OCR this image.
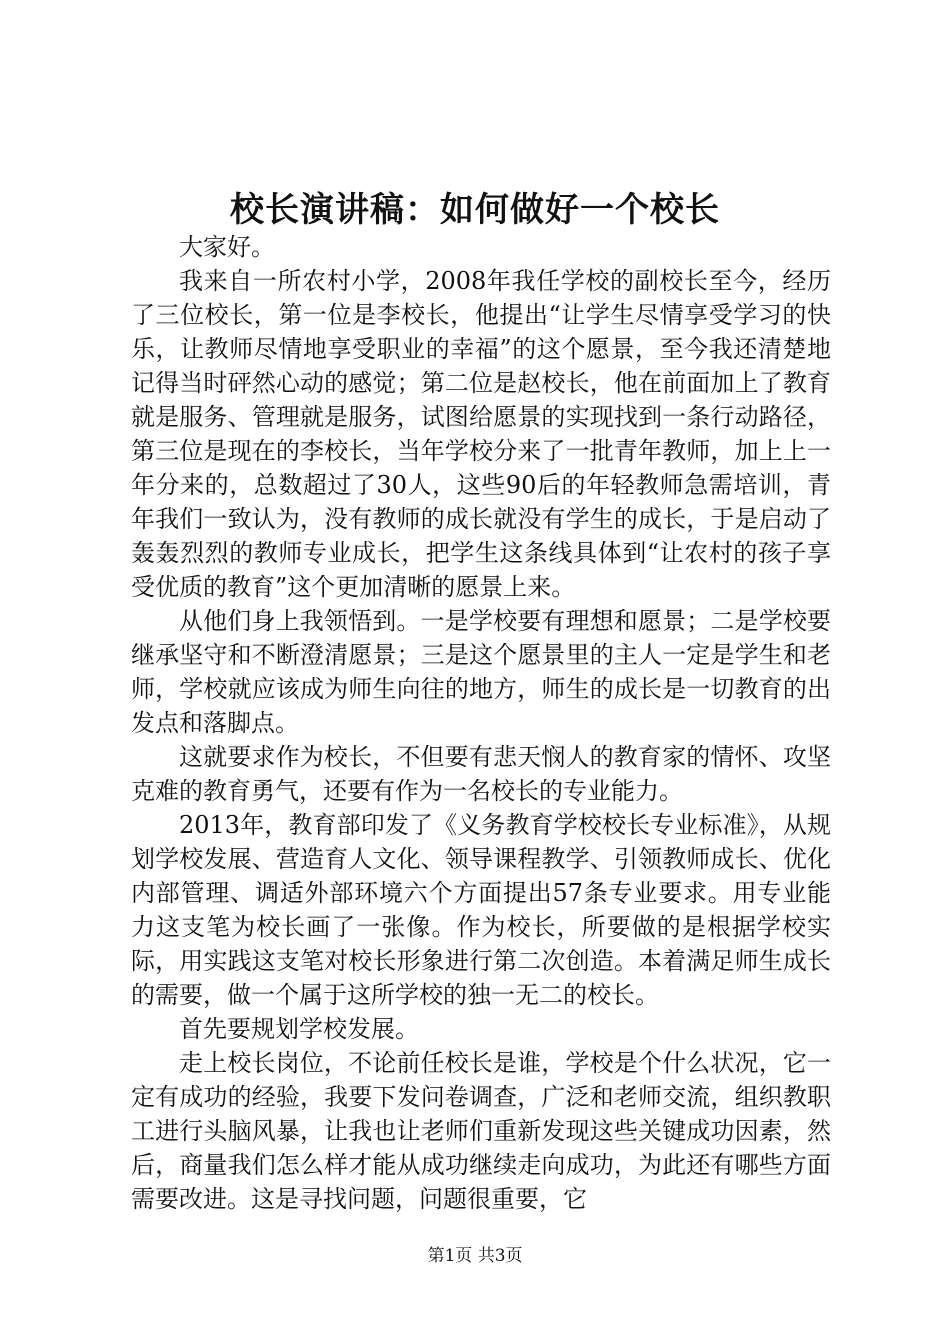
校长演讲稿：如何做好一个校长

大家好。

我来自一所农村小学，2008年我任学校的副校长至今，经历了三位校长，第一位是李校长，他提出“让学生尽情享受学习的快乐，让教师尽情地享受职业的幸福”的这个愿景，至今我还清楚地记得当时砰然心动的感觉；第二位是赵校长，他在前面加上了教育就是服务、管理就是服务，试图给愿景的实现找到一条行动路径，第三位是现在的李校长，当年学校分来了一批青年教师，加上上一年分来的，总数超过了30人，这些90后的年轻教师急需培训，青年我们一致认为，没有教师的成长就没有学生的成长，于是启动了轰轰烈烈的教师专业成长，把学生这条线具体到“让农村的孩子享受优质的教育”这个更加清晰的愿景上来。

从他们身上我领悟到。一是学校要有理想和愿景；二是学校要继承坚守和不断澄清愿景；三是这个愿景里的主人一定是学生和老师，学校就应该成为师生向往的地方，师生的成长是一切教育的出发点和落脚点。

这就要求作为校长，不但要有悲天悯人的教育家的情怀、攻坚克难的教育勇气，还要有作为一名校长的专业能力。

2013年，教育部印发了《义务教育学校校长专业标准》，从规划学校发展、营造育人文化、领导课程教学、引领教师成长、优化内部管理、调适外部环境六个方面提出57条专业要求。用专业能力这支笔为校长画了一张像。作为校长，所要做的是根据学校实际，用实践这支笔对校长形象进行第二次创造。本着满足师生成长的需要，做一个属于这所学校的独一无二的校长。

首先要规划学校发展。

走上校长岗位，不论前任校长是谁，学校是个什么状况，它一定有成功的经验，我要下发问卷调查，广泛和老师交流，组织教职工进行头脑风暴，让我也让老师们重新发现这些关键成功因素，然后，商量我们怎么样才能从成功继续走向成功，为此还有哪些方面需要改进。这是寻找问题，问题很重要，它

第1页 共3页
